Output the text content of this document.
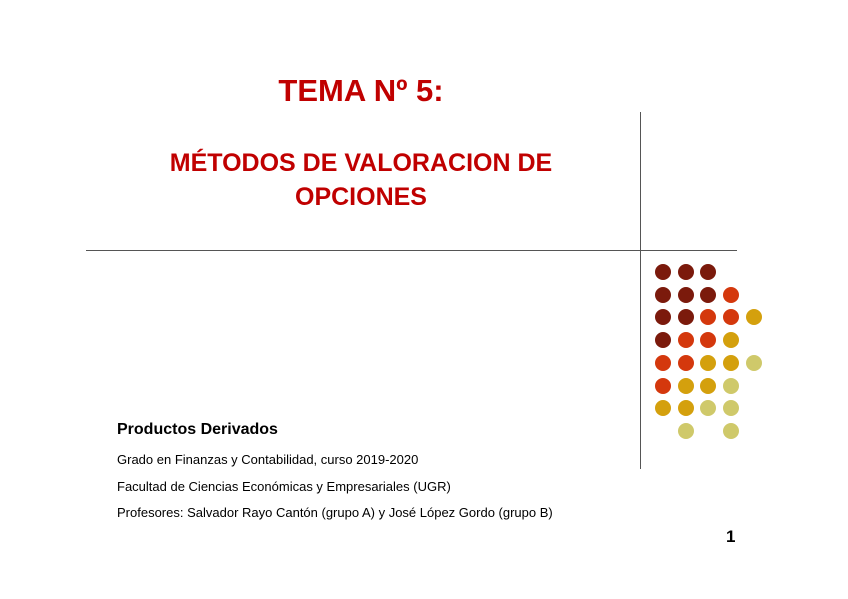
TEMA Nº 5:
MÉTODOS DE VALORACION DE
OPCIONES

Productos Derivados

Grado en Finanzas y Contabilidad, curso 2019-2020

Facultad de Ciencias Económicas y Empresariales (UGR)

Profesores: Salvador Rayo Cantón (grupo A) y José López Gordo (grupo B)

1
